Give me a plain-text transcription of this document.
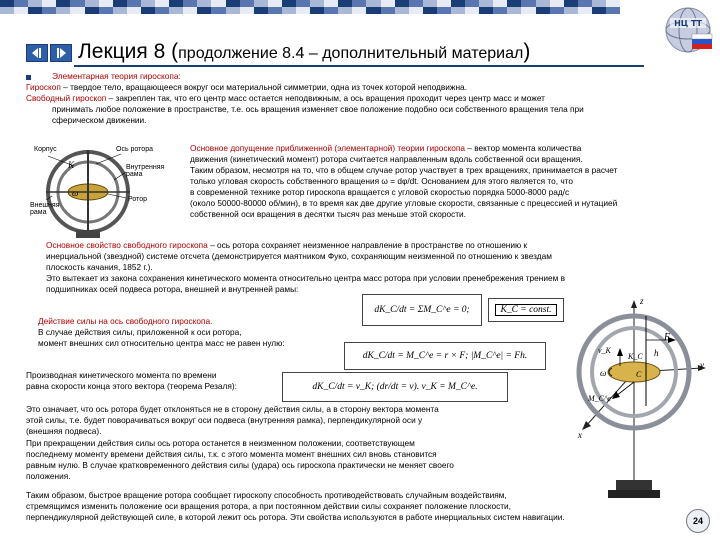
НЦ ТТ
Лекция 8 (продолжение 8.4 – дополнительный материал)
Элементарная теория гироскопа:
Гироскоп – твердое тело, вращающееся вокруг оси материальной симметрии, одна из точек которой неподвижна.
Свободный гироскоп – закреплен так, что его центр масс остается неподвижным, а ось вращения проходит через центр масс и может
принимать любое положение в пространстве, т.е. ось вращения изменяет свое положение подобно оси собственного вращения тела при
сферическом движении.
Корпус	Ось ротора
Внутренняя рама
Внешняя рама
Ротор
K
ω
Основное допущение приближенной (элементарной) теории гироскопа – вектор момента количества
движения (кинетический момент) ротора считается направленным вдоль собственной оси вращения.
Таким образом, несмотря на то, что в общем случае ротор участвует в трех вращениях, принимается в расчет
только угловая скорость собственного вращения ω = dφ/dt. Основанием для этого является то, что
в современной технике ротор гироскопа вращается с угловой скоростью порядка 5000-8000 рад/с
(около 50000-80000 об/мин), в то время как две другие угловые скорости, связанные с прецессией и нутацией
собственной оси вращения в десятки тысяч раз меньше этой скорости.
Основное свойство свободного гироскопа – ось ротора сохраняет неизменное направление в пространстве по отношению к
инерциальной (звездной) системе отсчета (демонстрируется маятником Фуко, сохраняющим неизменной по отношению к звездам
плоскость качания, 1852 г.).
Это вытекает из закона сохранения кинетического момента относительно центра масс ротора при условии пренебрежения трением в
подшипниках осей подвеса ротора, внешней и внутренней рамы:
dK_C/dt = ΣM_C^e = 0;	K_C = const.
Действие силы на ось свободного гироскопа.
В случае действия силы, приложенной к оси ротора,
момент внешних сил относительно центра масс не равен нулю:
dK_C/dt = M_C^e = r × F; |M_C^e| = Fh.
Производная кинетического момента по времени
равна скорости конца этого вектора (теорема Резаля):	dK_C/dt = v_K; (dr/dt = v). v_K = M_C^e.
Это означает, что ось ротора будет отклоняться не в сторону действия силы, а в сторону вектора момента
этой силы, т.е. будет поворачиваться вокруг оси подвеса (внутренняя рамка), перпендикулярной оси y
(внешняя подвеса).
При прекращении действия силы ось ротора останется в неизменном положении, соответствующем
последнему моменту времени действия силы, т.к. с этого момента момент внешних сил вновь становится
равным нулю. В случае кратковременного действия силы (удара) ось гироскопа практически не меняет своего
положения.
Таким образом, быстрое вращение ротора сообщает гироскопу способность противодействовать случайным воздействиям,
стремящимся изменить положение оси вращения ротора, а при постоянном действии силы сохраняет положение плоскости,
перпендикулярной действующей силе, в которой лежит ось ротора. Эти свойства используются в работе инерциальных систем навигации.
z
y
x
F
h
v_K
K_C
C
ω
M_C^e
24
